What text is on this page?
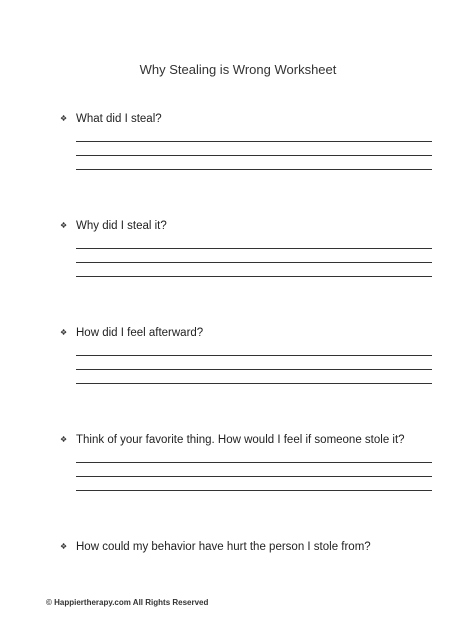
Why Stealing is Wrong Worksheet
❖ What did I steal?
❖ Why did I steal it?
❖ How did I feel afterward?
❖ Think of your favorite thing. How would I feel if someone stole it?
❖ How could my behavior have hurt the person I stole from?
© Happiertherapy.com All Rights Reserved
